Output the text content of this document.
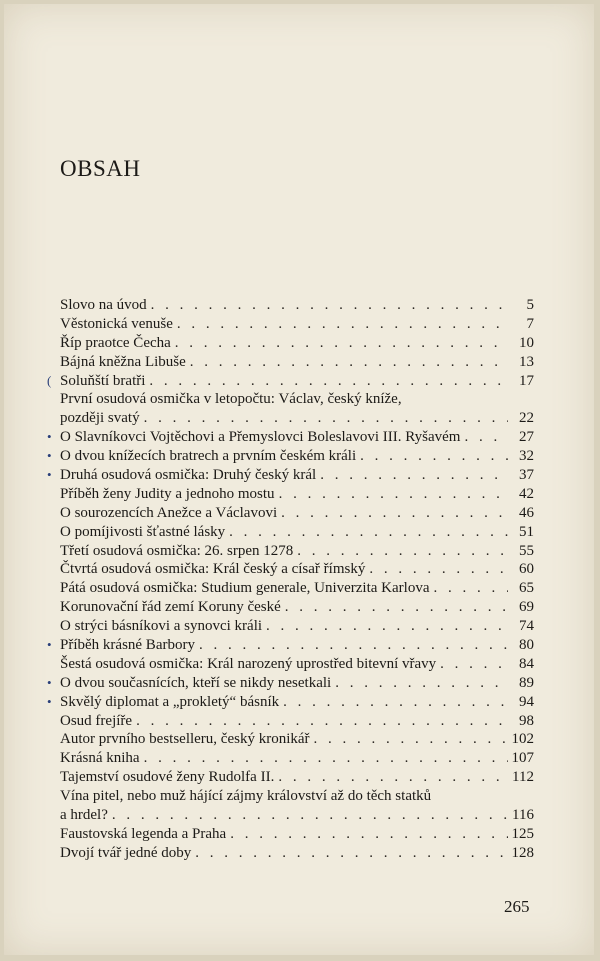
OBSAH
Slovo na úvod . . .	5
Věstonická venuše . . .	7
Říp praotce Čecha . . .	10
Bájná kněžna Libuše . . .	13
( Soluňští bratři . . .	17
První osudová osmička v letopočtu: Václav, český kníže,
později svatý . . .	22
• O Slavníkovci Vojtěchovi a Přemyslovci Boleslavovi III. Ryšavém . . .	27
• O dvou knížecích bratrech a prvním českém králi . . .	32
• Druhá osudová osmička: Druhý český král . . .	37
Příběh ženy Judity a jednoho mostu . . .	42
O sourozencích Anežce a Václavovi . . .	46
O pomíjivosti šťastné lásky . . .	51
Třetí osudová osmička: 26. srpen 1278 . . .	55
Čtvrtá osudová osmička: Král český a císař římský . . .	60
Pátá osudová osmička: Studium generale, Univerzita Karlova . . .	65
Korunovační řád zemí Koruny české . . .	69
O strýci básníkovi a synovci králi . . .	74
• Příběh krásné Barbory . . .	80
Šestá osudová osmička: Král narozený uprostřed bitevní vřavy . . .	84
• O dvou současnících, kteří se nikdy nesetkali . . .	89
• Skvělý diplomat a „prokletý“ básník . . .	94
Osud frejíře . . .	98
Autor prvního bestselleru, český kronikář . . .	102
Krásná kniha . . .	107
Tajemství osudové ženy Rudolfa II. . . .	112
Vína pitel, nebo muž hájící zájmy království až do těch statků
a hrdel? . . .	116
Faustovská legenda a Praha . . .	125
Dvojí tvář jedné doby . . .	128
265
